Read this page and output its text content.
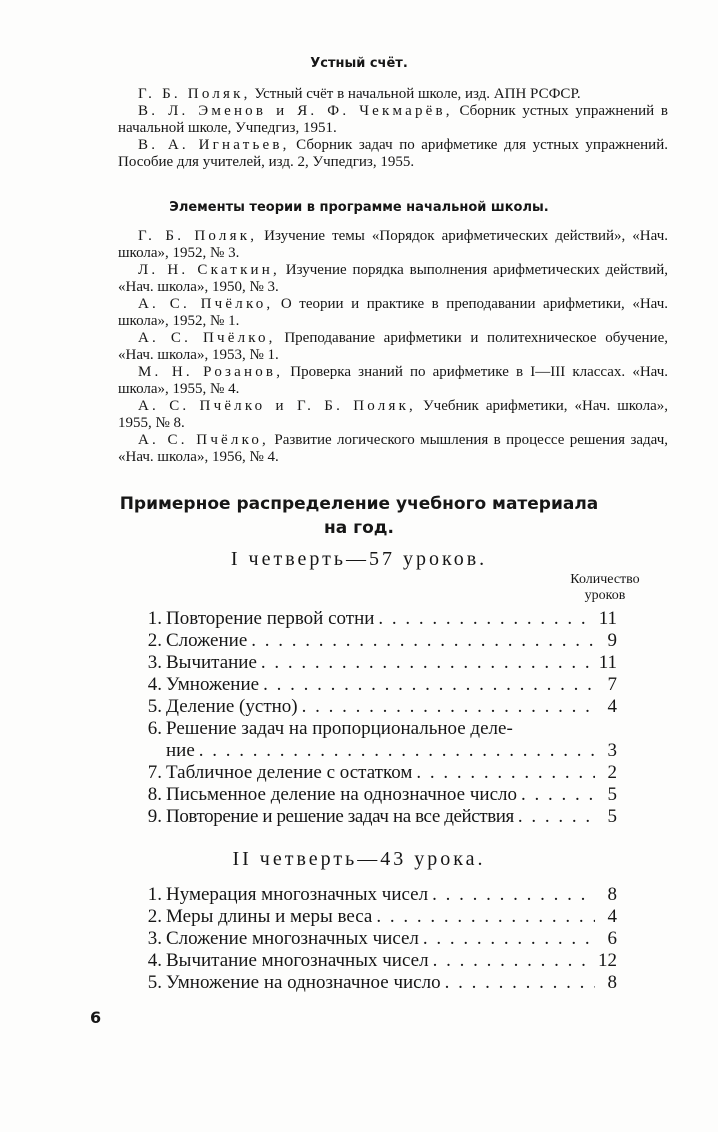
Устный счёт.

Г. Б. Поляк, Устный счёт в начальной школе, изд. АПН РСФСР.

В. Л. Эменов и Я. Ф. Чекмарёв, Сборник устных упражнений в начальной школе, Учпедгиз, 1951.

В. А. Игнатьев, Сборник задач по арифметике для устных упражнений. Пособие для учителей, изд. 2, Учпедгиз, 1955.

Элементы теории в программе начальной школы.

Г. Б. Поляк, Изучение темы «Порядок арифметических действий», «Нач. школа», 1952, № 3.

Л. Н. Скаткин, Изучение порядка выполнения арифметических действий, «Нач. школа», 1950, № 3.

А. С. Пчёлко, О теории и практике в преподавании арифметики, «Нач. школа», 1952, № 1.

А. С. Пчёлко, Преподавание арифметики и политехническое обучение, «Нач. школа», 1953, № 1.

М. Н. Розанов, Проверка знаний по арифметике в I—III классах. «Нач. школа», 1955, № 4.

А. С. Пчёлко и Г. Б. Поляк, Учебник арифметики, «Нач. школа», 1955, № 8.

А. С. Пчёлко, Развитие логического мышления в процессе решения задач, «Нач. школа», 1956, № 4.

Примерное распределение учебного материала
на год.
I четверть—57 уроков.
Количество
уроков
1. Повторение первой сотни . . .	11
2. Сложение . . .	9
3. Вычитание . . .	11
4. Умножение . . .	7
5. Деление (устно) . . .	4
6. Решение задач на пропорциональное деле-
ние . . .	3
7. Табличное деление с остатком . . .	2
8. Письменное деление на однозначное число . . .	5
9. Повторение и решение задач на все действия . . .	5
II четверть—43 урока.
1. Нумерация многозначных чисел . . .	8
2. Меры длины и меры веса . . .	4
3. Сложение многозначных чисел . . .	6
4. Вычитание многозначных чисел . . .	12
5. Умножение на однозначное число . . .	8
6
